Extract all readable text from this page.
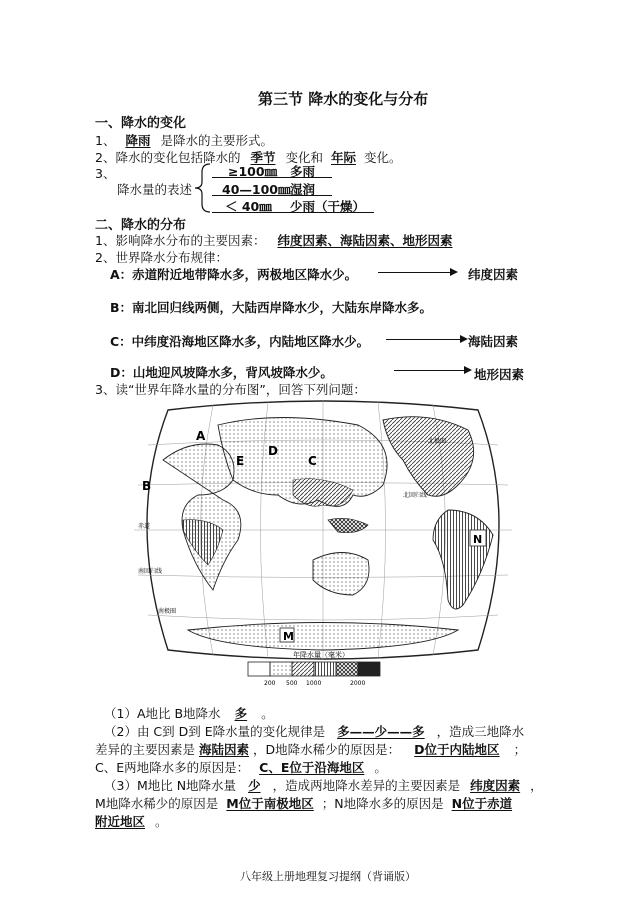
第三节 降水的变化与分布
一、降水的变化
1、 降雨 是降水的主要形式。
2、降水的变化包括降水的 季节 变化和 年际 变化。
3、
降水量的表述
≥100㎜ 多雨
40—100㎜ 湿润
＜ 40㎜ 少雨（干燥）
二、降水的分布
1、影响降水分布的主要因素： 纬度因素、海陆因素、地形因素
2、世界降水分布规律：
A：赤道附近地带降水多，两极地区降水少。	纬度因素
B：南北回归线两侧，大陆西岸降水少，大陆东岸降水多。
C：中纬度沿海地区降水多，内陆地区降水少。	海陆因素
D：山地迎风坡降水多，背风坡降水少。	地形因素
3、读“世界年降水量的分布图”，回答下列问题：
A
B
C
D
E
M
N
赤道
北回归线
南回归线
北极圈
南极圈
年降水量（毫米）
200 500 1000	2000
（1）A地比 B地降水 多 。
（2）由 C到 D到 E降水量的变化规律是 多——少——多 ，造成三地降水
差异的主要因素是 海陆因素 ，D地降水稀少的原因是： D位于内陆地区 ；
C、E两地降水多的原因是： C、E位于沿海地区 。
（3）M地比 N地降水量 少 ，造成两地降水差异的主要因素是 纬度因素 ，
M地降水稀少的原因是 M位于南极地区 ；N地降水多的原因是 N位于赤道
附近地区 。
八年级上册地理复习提纲（背诵版）
